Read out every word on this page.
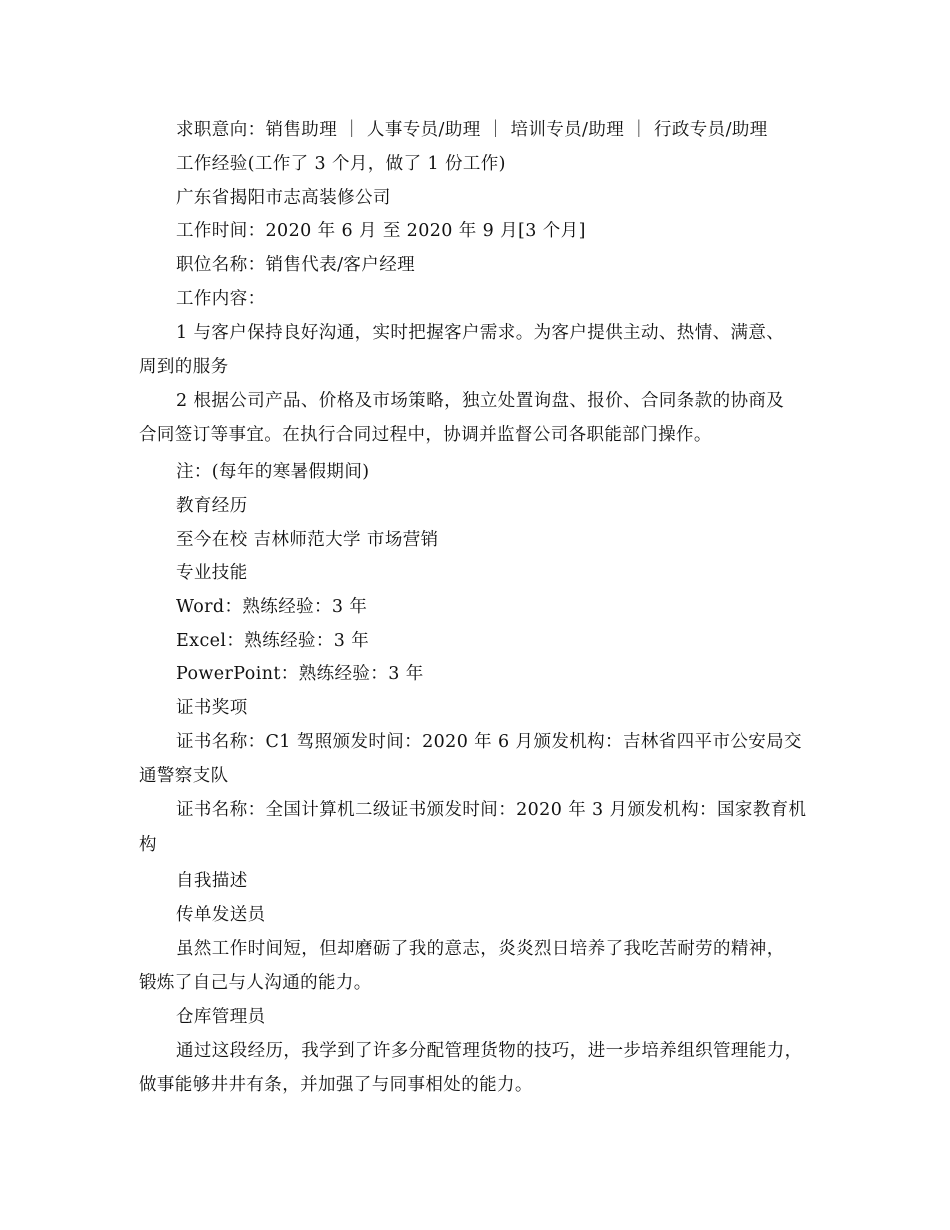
求职意向：销售助理 ｜ 人事专员/助理 ｜ 培训专员/助理 ｜ 行政专员/助理
工作经验(工作了 3 个月，做了 1 份工作)
广东省揭阳市志高装修公司
工作时间：2020 年 6 月 至 2020 年 9 月[3 个月]
职位名称：销售代表/客户经理
工作内容：
1 与客户保持良好沟通，实时把握客户需求。为客户提供主动、热情、满意、
周到的服务
2 根据公司产品、价格及市场策略，独立处置询盘、报价、合同条款的协商及
合同签订等事宜。在执行合同过程中，协调并监督公司各职能部门操作。
注：(每年的寒暑假期间)
教育经历
至今在校 吉林师范大学 市场营销
专业技能
Word：熟练经验：3 年
Excel：熟练经验：3 年
PowerPoint：熟练经验：3 年
证书奖项
证书名称：C1 驾照颁发时间：2020 年 6 月颁发机构：吉林省四平市公安局交
通警察支队
证书名称：全国计算机二级证书颁发时间：2020 年 3 月颁发机构：国家教育机
构
自我描述
传单发送员
虽然工作时间短，但却磨砺了我的意志，炎炎烈日培养了我吃苦耐劳的精神，
锻炼了自己与人沟通的能力。
仓库管理员
通过这段经历，我学到了许多分配管理货物的技巧，进一步培养组织管理能力，
做事能够井井有条，并加强了与同事相处的能力。
